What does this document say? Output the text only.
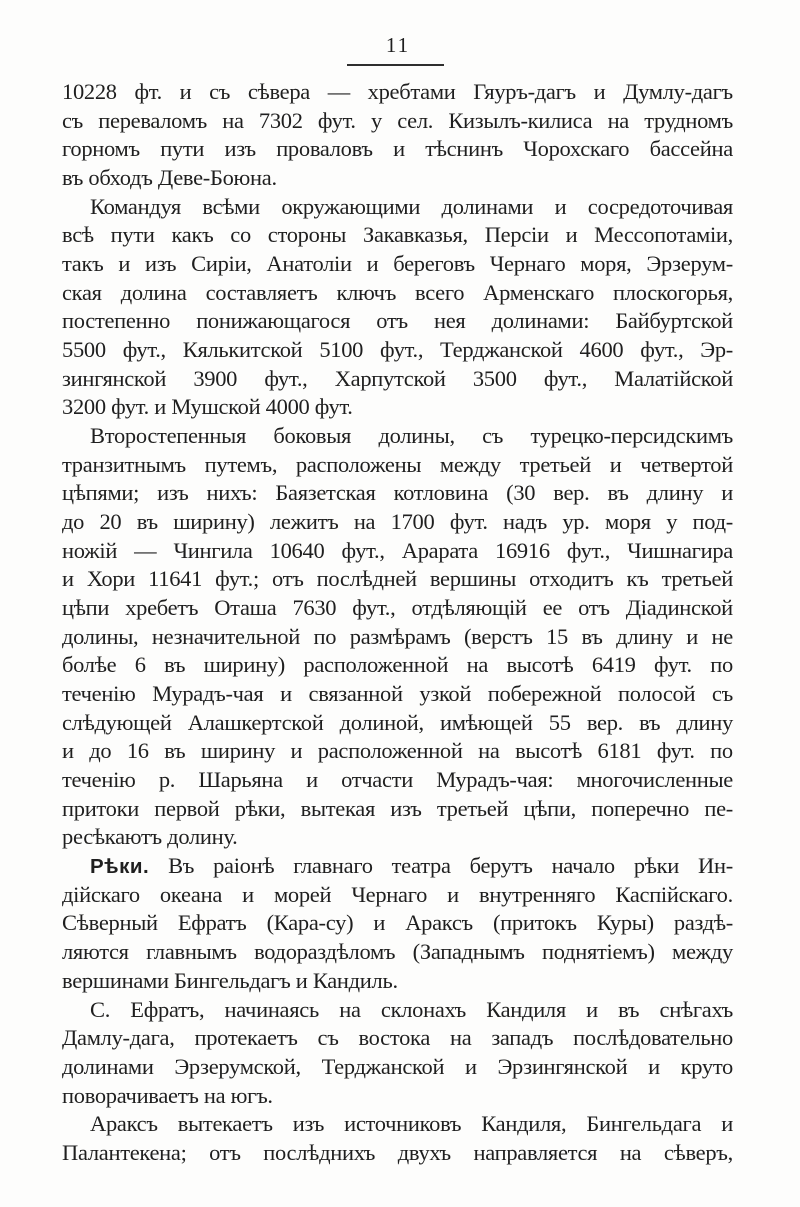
11
10228 фт. и съ сѣвера — хребтами Гяуръ-дагъ и Думлу-дагъ
съ переваломъ на 7302 фут. у сел. Кизылъ-килиса на трудномъ
горномъ пути изъ проваловъ и тѣснинъ Чорохскаго бассейна
въ обходъ Деве-Боюна.
Командуя всѣми окружающими долинами и сосредоточивая
всѣ пути какъ со стороны Закавказья, Персіи и Мессопотаміи,
такъ и изъ Сиріи, Анатоліи и береговъ Чернаго моря, Эрзерум-
ская долина составляетъ ключъ всего Арменскаго плоскогорья,
постепенно понижающагося отъ нея долинами: Байбуртской
5500 фут., Кялькитской 5100 фут., Терджанской 4600 фут., Эр-
зингянской 3900 фут., Харпутской 3500 фут., Малатійской
3200 фут. и Мушской 4000 фут.
Второстепенныя боковыя долины, съ турецко-персидскимъ
транзитнымъ путемъ, расположены между третьей и четвертой
цѣпями; изъ нихъ: Баязетская котловина (30 вер. въ длину и
до 20 въ ширину) лежитъ на 1700 фут. надъ ур. моря у под-
ножій — Чингила 10640 фут., Арарата 16916 фут., Чишнагира
и Хори 11641 фут.; отъ послѣдней вершины отходитъ къ третьей
цѣпи хребетъ Оташа 7630 фут., отдѣляющій ее отъ Діадинской
долины, незначительной по размѣрамъ (верстъ 15 въ длину и не
болѣе 6 въ ширину) расположенной на высотѣ 6419 фут. по
теченію Мурадъ-чая и связанной узкой побережной полосой съ
слѣдующей Алашкертской долиной, имѣющей 55 вер. въ длину
и до 16 въ ширину и расположенной на высотѣ 6181 фут. по
теченію р. Шарьяна и отчасти Мурадъ-чая: многочисленные
притоки первой рѣки, вытекая изъ третьей цѣпи, поперечно пе-
ресѣкаютъ долину.
Рѣки. Въ раіонѣ главнаго театра берутъ начало рѣки Ин-
дійскаго океана и морей Чернаго и внутренняго Каспійскаго.
Сѣверный Ефратъ (Кара-су) и Араксъ (притокъ Куры) раздѣ-
ляются главнымъ водораздѣломъ (Западнымъ поднятіемъ) между
вершинами Бингельдагъ и Кандиль.
С. Ефратъ, начинаясь на склонахъ Кандиля и въ снѣгахъ
Дамлу-дага, протекаетъ съ востока на западъ послѣдовательно
долинами Эрзерумской, Терджанской и Эрзингянской и круто
поворачиваетъ на югъ.
Араксъ вытекаетъ изъ источниковъ Кандиля, Бингельдага и
Палантекена; отъ послѣднихъ двухъ направляется на сѣверъ,
